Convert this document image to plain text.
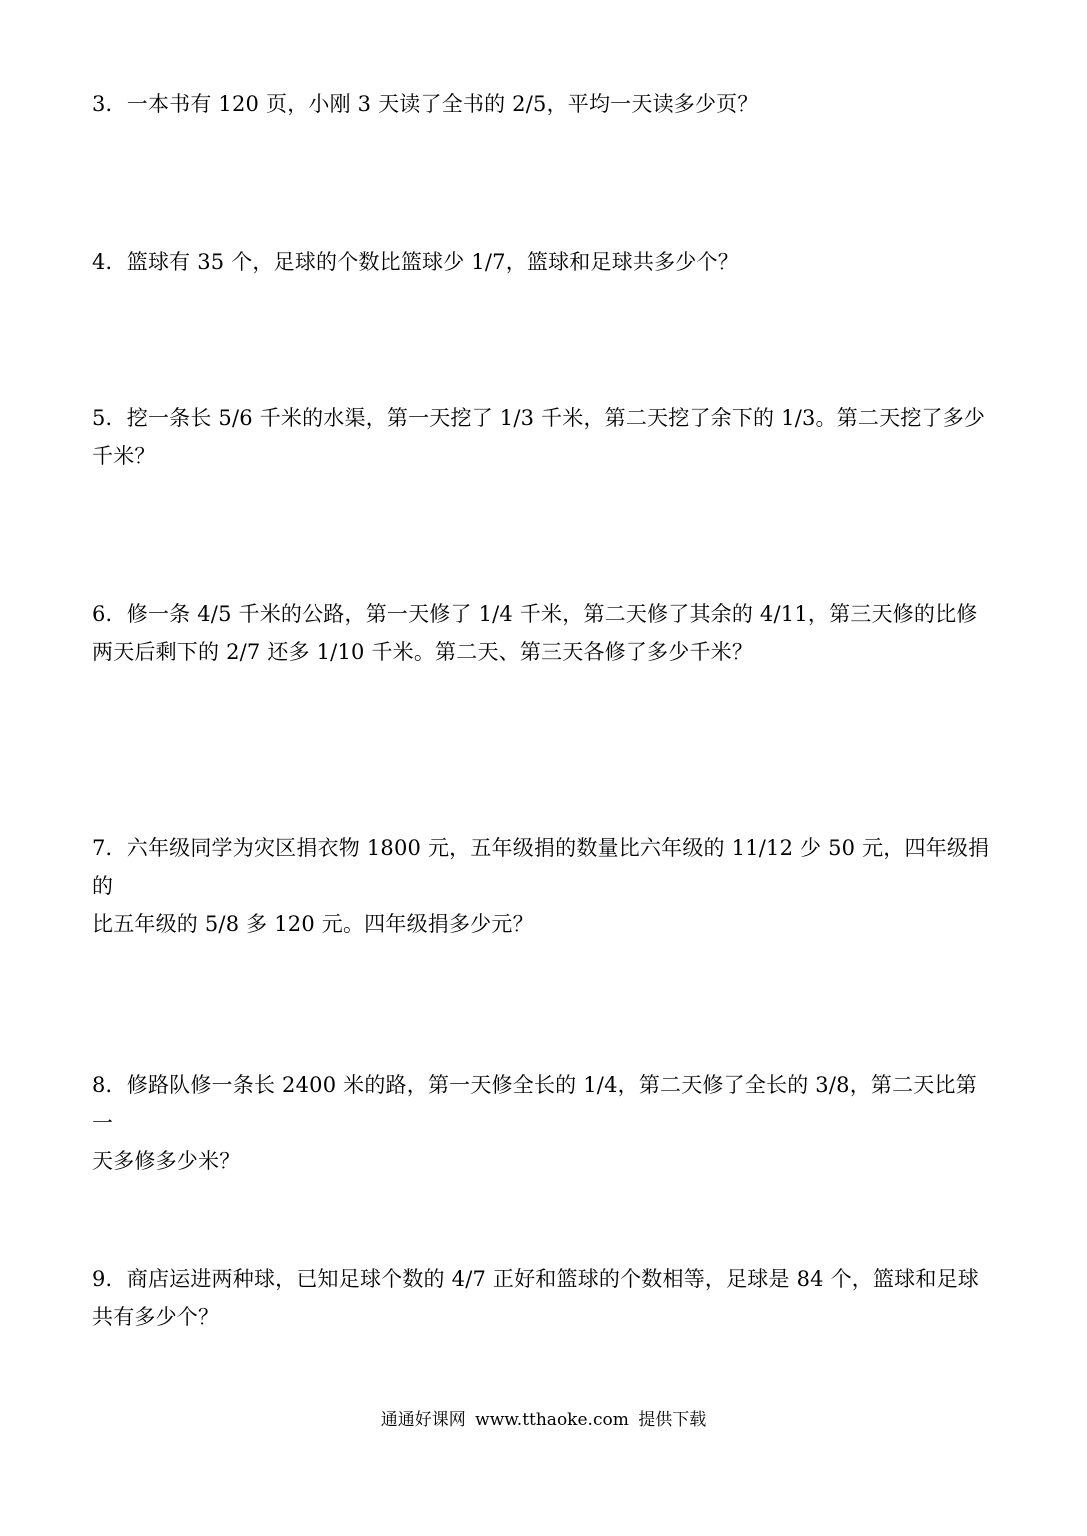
3．一本书有 120 页，小刚 3 天读了全书的 2/5，平均一天读多少页？

4．篮球有 35 个，足球的个数比篮球少 1/7，篮球和足球共多少个？

5．挖一条长 5/6 千米的水渠，第一天挖了 1/3 千米，第二天挖了余下的 1/3。第二天挖了多少
千米？

6．修一条 4/5 千米的公路，第一天修了 1/4 千米，第二天修了其余的 4/11，第三天修的比修
两天后剩下的 2/7 还多 1/10 千米。第二天、第三天各修了多少千米？

7．六年级同学为灾区捐衣物 1800 元，五年级捐的数量比六年级的 11/12 少 50 元，四年级捐的
比五年级的 5/8 多 120 元。四年级捐多少元？

8．修路队修一条长 2400 米的路，第一天修全长的 1/4，第二天修了全长的 3/8，第二天比第一
天多修多少米？

9．商店运进两种球，已知足球个数的 4/7 正好和篮球的个数相等，足球是 84 个，篮球和足球
共有多少个？

通通好课网 www.tthaoke.com 提供下载
